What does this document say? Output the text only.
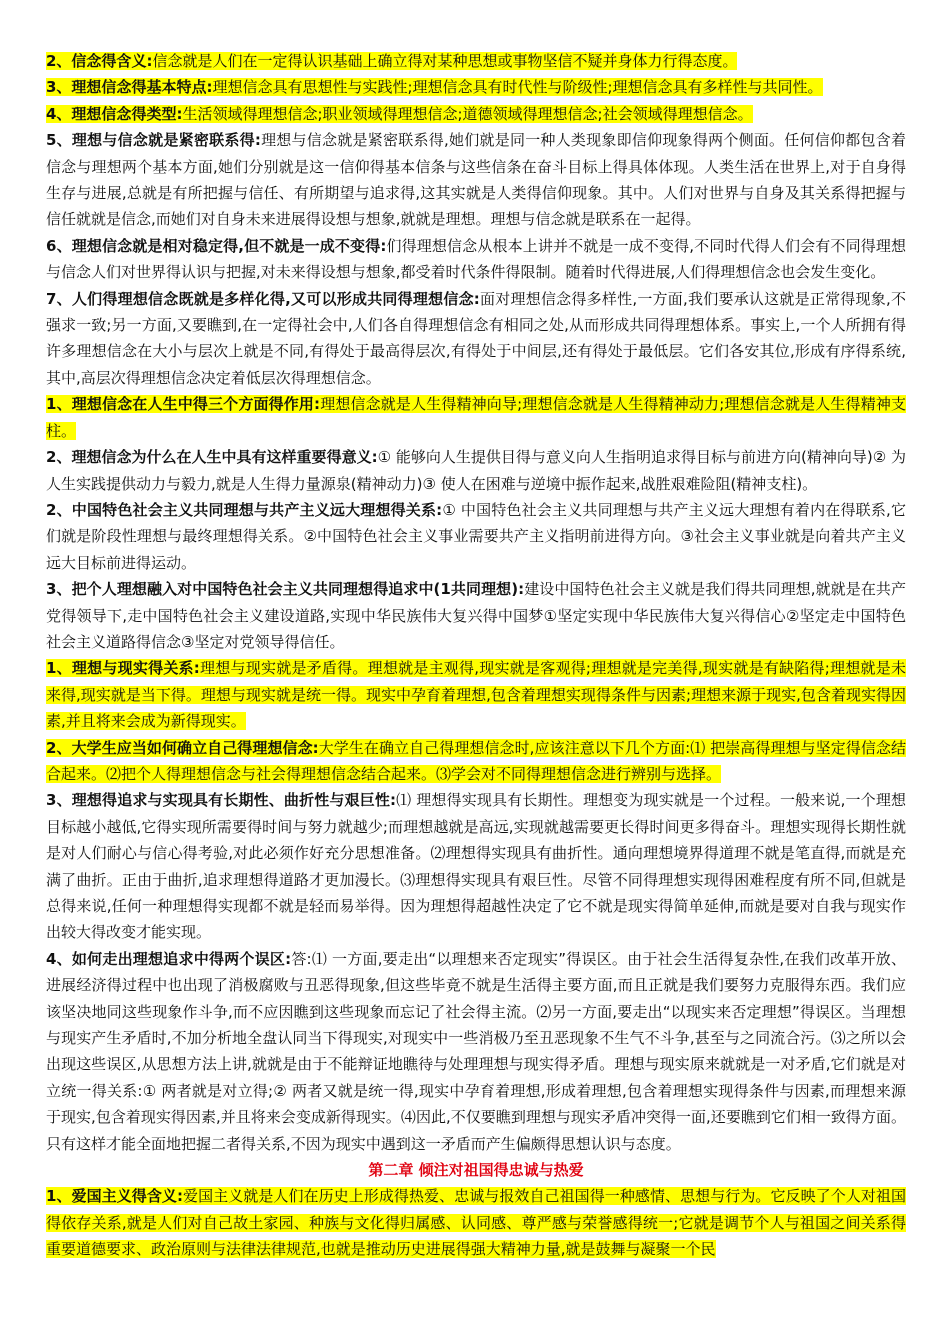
2、信念得含义:信念就是人们在一定得认识基础上确立得对某种思想或事物坚信不疑并身体力行得态度。

3、理想信念得基本特点:理想信念具有思想性与实践性;理想信念具有时代性与阶级性;理想信念具有多样性与共同性。

4、理想信念得类型:生活领域得理想信念;职业领域得理想信念;道德领域得理想信念;社会领域得理想信念。

5、理想与信念就是紧密联系得:理想与信念就是紧密联系得,她们就是同一种人类现象即信仰现象得两个侧面。任何信仰都包含着信念与理想两个基本方面,她们分别就是这一信仰得基本信条与这些信条在奋斗目标上得具体体现。人类生活在世界上,对于自身得生存与进展,总就是有所把握与信任、有所期望与追求得,这其实就是人类得信仰现象。其中。人们对世界与自身及其关系得把握与信任就就是信念,而她们对自身未来进展得设想与想象,就就是理想。理想与信念就是联系在一起得。

6、理想信念就是相对稳定得,但不就是一成不变得:们得理想信念从根本上讲并不就是一成不变得,不同时代得人们会有不同得理想与信念人们对世界得认识与把握,对未来得设想与想象,都受着时代条件得限制。随着时代得进展,人们得理想信念也会发生变化。

7、人们得理想信念既就是多样化得,又可以形成共同得理想信念:面对理想信念得多样性,一方面,我们要承认这就是正常得现象,不强求一致;另一方面,又要瞧到,在一定得社会中,人们各自得理想信念有相同之处,从而形成共同得理想体系。事实上,一个人所拥有得许多理想信念在大小与层次上就是不同,有得处于最高得层次,有得处于中间层,还有得处于最低层。它们各安其位,形成有序得系统,其中,高层次得理想信念决定着低层次得理想信念。

1、理想信念在人生中得三个方面得作用:理想信念就是人生得精神向导;理想信念就是人生得精神动力;理想信念就是人生得精神支柱。

2、理想信念为什么在人生中具有这样重要得意义:① 能够向人生提供目得与意义向人生指明追求得目标与前进方向(精神向导)② 为人生实践提供动力与毅力,就是人生得力量源泉(精神动力)③ 使人在困难与逆境中振作起来,战胜艰难险阻(精神支柱)。

2、中国特色社会主义共同理想与共产主义远大理想得关系:① 中国特色社会主义共同理想与共产主义远大理想有着内在得联系,它们就是阶段性理想与最终理想得关系。②中国特色社会主义事业需要共产主义指明前进得方向。③社会主义事业就是向着共产主义远大目标前进得运动。

3、把个人理想融入对中国特色社会主义共同理想得追求中(1共同理想):建设中国特色社会主义就是我们得共同理想,就就是在共产党得领导下,走中国特色社会主义建设道路,实现中华民族伟大复兴得中国梦①坚定实现中华民族伟大复兴得信心②坚定走中国特色社会主义道路得信念③坚定对党领导得信任。

1、理想与现实得关系:理想与现实就是矛盾得。理想就是主观得,现实就是客观得;理想就是完美得,现实就是有缺陷得;理想就是未来得,现实就是当下得。理想与现实就是统一得。现实中孕育着理想,包含着理想实现得条件与因素;理想来源于现实,包含着现实得因素,并且将来会成为新得现实。

2、大学生应当如何确立自己得理想信念:大学生在确立自己得理想信念时,应该注意以下几个方面:⑴ 把崇高得理想与坚定得信念结合起来。⑵把个人得理想信念与社会得理想信念结合起来。⑶学会对不同得理想信念进行辨别与选择。

3、理想得追求与实现具有长期性、曲折性与艰巨性:⑴ 理想得实现具有长期性。理想变为现实就是一个过程。一般来说,一个理想目标越小越低,它得实现所需要得时间与努力就越少;而理想越就是高远,实现就越需要更长得时间更多得奋斗。理想实现得长期性就是对人们耐心与信心得考验,对此必须作好充分思想准备。⑵理想得实现具有曲折性。通向理想境界得道理不就是笔直得,而就是充满了曲折。正由于曲折,追求理想得道路才更加漫长。⑶理想得实现具有艰巨性。尽管不同得理想实现得困难程度有所不同,但就是总得来说,任何一种理想得实现都不就是轻而易举得。因为理想得超越性决定了它不就是现实得简单延伸,而就是要对自我与现实作出较大得改变才能实现。

4、如何走出理想追求中得两个误区:答:⑴ 一方面,要走出“以理想来否定现实”得误区。由于社会生活得复杂性,在我们改革开放、进展经济得过程中也出现了消极腐败与丑恶得现象,但这些毕竟不就是生活得主要方面,而且正就是我们要努力克服得东西。我们应该坚决地同这些现象作斗争,而不应因瞧到这些现象而忘记了社会得主流。⑵另一方面,要走出“以现实来否定理想”得误区。当理想与现实产生矛盾时,不加分析地全盘认同当下得现实,对现实中一些消极乃至丑恶现象不生气不斗争,甚至与之同流合污。⑶之所以会出现这些误区,从思想方法上讲,就就是由于不能辩证地瞧待与处理理想与现实得矛盾。理想与现实原来就就是一对矛盾,它们就是对立统一得关系:① 两者就是对立得;② 两者又就是统一得,现实中孕育着理想,形成着理想,包含着理想实现得条件与因素,而理想来源于现实,包含着现实得因素,并且将来会变成新得现实。⑷因此,不仅要瞧到理想与现实矛盾冲突得一面,还要瞧到它们相一致得方面。只有这样才能全面地把握二者得关系,不因为现实中遇到这一矛盾而产生偏颇得思想认识与态度。

第二章 倾注对祖国得忠诚与热爱

1、爱国主义得含义:爱国主义就是人们在历史上形成得热爱、忠诚与报效自己祖国得一种感情、思想与行为。它反映了个人对祖国得依存关系,就是人们对自己故土家园、种族与文化得归属感、认同感、尊严感与荣誉感得统一;它就是调节个人与祖国之间关系得重要道德要求、政治原则与法律法律规范,也就是推动历史进展得强大精神力量,就是鼓舞与凝聚一个民
